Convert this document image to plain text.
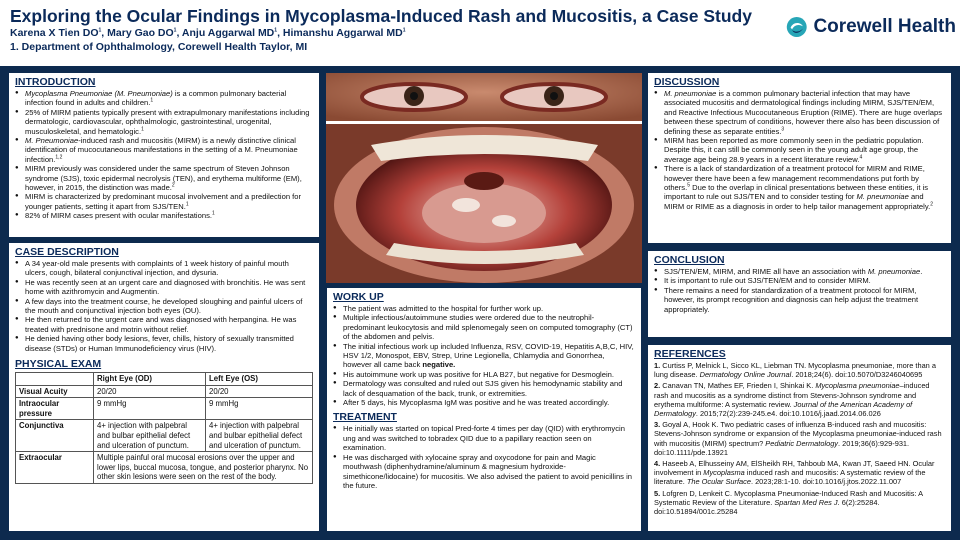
Exploring the Ocular Findings in Mycoplasma-Induced Rash and Mucositis, a Case Study
Karena X Tien $DO^1$, Mary Gao $DO^1$, Anju Aggarwal $MD^1$, Himanshu Aggarwal $MD^1$
1. Department of Ophthalmology, Corewell Health Taylor, MI
Corewell Health
INTRODUCTION
● Mycoplasma Pneumoniae (M. Pneumoniae) is a common pulmonary bacterial infection found in adults and children.$^1$
● 25% of MIRM patients typically present with extrapulmonary manifestations including dermatologic, cardiovascular, ophthalmologic, gastrointestinal, urogenital, musculoskeletal, and hematologic.$^1$
● M. Pneumoniae-induced rash and mucositis (MIRM) is a newly distinctive clinical identification of mucocutaneous manifestations in the setting of a M. Pneumoniae infection.$^{1,2}$
● MIRM previously was considered under the same spectrum of Steven Johnson syndrome (SJS), toxic epidermal necrolysis (TEN), and erythema multiforme (EM), however, in 2015, the distinction was made.$^2$
● MIRM is characterized by predominant mucosal involvement and a predilection for younger patients, setting it apart from SJS/TEN.$^1$
● 82% of MIRM cases present with ocular manifestations.$^1$
CASE DESCRIPTION
● A 34 year-old male presents with complaints of 1 week history of painful mouth ulcers, cough, bilateral conjunctival injection, and dysuria.
● He was recently seen at an urgent care and diagnosed with bronchitis. He was sent home with azithromycin and Augmentin.
● A few days into the treatment course, he developed sloughing and painful ulcers of the mouth and conjunctival injection both eyes (OU).
● He then returned to the urgent care and was diagnosed with herpangina. He was treated with prednisone and motrin without relief.
● He denied having other body lesions, fever, chills, history of sexually transmitted disease (STDs) or Human Immunodeficiency virus (HIV).
PHYSICAL EXAM
	Right Eye (OD)	Left Eye (OS)
Visual Acuity	20/20	20/20
Intraocular pressure	9 mmHg	9 mmHg
Conjunctiva	4+ injection with palpebral and bulbar epithelial defect and ulceration of punctum.	4+ injection with palpebral and bulbar epithelial defect and ulceration of punctum.
Extraocular	Multiple painful oral mucosal erosions over the upper and lower lips, buccal mucosa, tongue, and posterior pharynx. No other skin lesions were seen on the rest of the body.	
WORK UP
● The patient was admitted to the hospital for further work up.
● Multiple infectious/autoimmune studies were ordered due to the neutrophil-predominant leukocytosis and mild splenomegaly seen on computed tomography (CT) of the abdomen and pelvis.
● The initial infectious work up included Influenza, RSV, COVID-19, Hepatitis A,B,C, HIV, HSV 1/2, Monospot, EBV, Strep, Urine Legionella, Chlamydia and Gonorrhea, however all came back negative.
● His autoimmune work up was positive for HLA B27, but negative for Desmoglein.
● Dermatology was consulted and ruled out SJS given his hemodynamic stability and lack of desquamation of the back, trunk, or extremities.
● After 5 days, his Mycoplasma IgM was positive and he was treated accordingly.
TREATMENT
● He initially was started on topical Pred-forte 4 times per day (QID) with erythromycin ung and was switched to tobradex QID due to a papillary reaction seen on examination.
● He was discharged with xylocaine spray and oxycodone for pain and Magic mouthwash (diphenhydramine/aluminum & magnesium hydroxide-simethicone/lidocaine) for mucositis. We also advised the patient to avoid penicillins in the future.
DISCUSSION
● M. pneumoniae is a common pulmonary bacterial infection that may have associated mucositis and dermatological findings including MIRM, SJS/TEN/EM, and Reactive Infectious Mucocutaneous Eruption (RIME). There are huge overlaps between these spectrum of conditions, however there also has been discussion of defining these as separate entities.$^3$
● MIRM has been reported as more commonly seen in the pediatric population. Despite this, it can still be commonly seen in the young adult age group, the average age being 28.9 years in a recent literature review.$^4$
● There is a lack of standardization of a treatment protocol for MIRM and RIME, however there have been a few management recommendations put forth by others.$^5$ Due to the overlap in clinical presentations between these entities, it is important to rule out SJS/TEN and to consider testing for M. pneumoniae and MIRM or RIME as a diagnosis in order to help tailor management appropriately.$^2$
CONCLUSION
● SJS/TEN/EM, MIRM, and RIME all have an association with M. pneumoniae.
● It is important to rule out SJS/TEN/EM and to consider MIRM.
● There remains a need for standardization of a treatment protocol for MIRM, however, its prompt recognition and diagnosis can help adjust the treatment appropriately.
REFERENCES

1. Curtiss P, Melnick L, Sicco KL, Liebman TN. Mycoplasma pneumoniae, more than a lung disease. Dermatology Online Journal. 2018;24(6). doi:10.5070/D3246040695

2. Canavan TN, Mathes EF, Frieden I, Shinkai K. Mycoplasma pneumoniae–induced rash and mucositis as a syndrome distinct from Stevens-Johnson syndrome and erythema multiforme: A systematic review. Journal of the American Academy of Dermatology. 2015;72(2):239-245.e4. doi:10.1016/j.jaad.2014.06.026

3. Goyal A, Hook K. Two pediatric cases of influenza B-induced rash and mucositis: Stevens-Johnson syndrome or expansion of the Mycoplasma pneumoniae-induced rash with mucositis (MIRM) spectrum? Pediatric Dermatology. 2019;36(6):929-931. doi:10.1111/pde.13921

4. Haseeb A, Elhusseiny AM, ElSheikh RH, Tahboub MA, Kwan JT, Saeed HN. Ocular involvement in Mycoplasma induced rash and mucositis: A systematic review of the literature. The Ocular Surface. 2023;28:1-10. doi:10.1016/j.jtos.2022.11.007

5. Lofgren D, Lenkeit C. Mycoplasma Pneumoniae-Induced Rash and Mucositis: A Systematic Review of the Literature. Spartan Med Res J. 6(2):25284. doi:10.51894/001c.25284
